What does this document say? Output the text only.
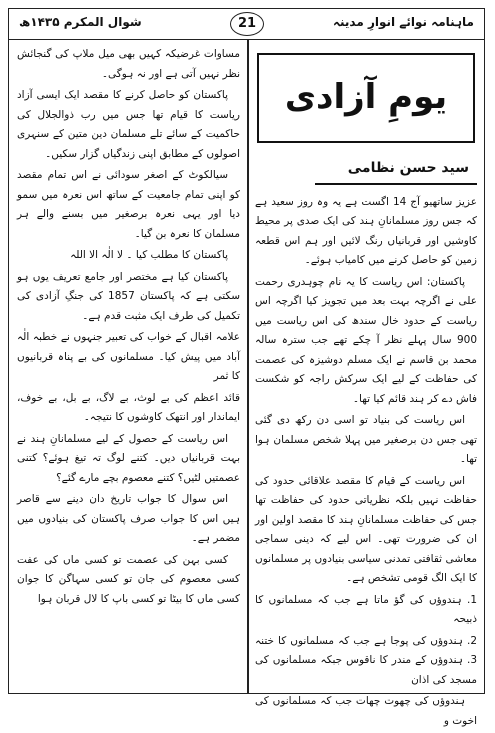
ماہنامہ نوائے انوارِ مدینہ
21
شوال المکرم ۱۴۳۵ھ
یومِ آزادی
سید حسن نظامی

عزیز ساتھیو آج 14 اگست ہے یہ وہ روز سعید ہے کہ جس روز مسلمانانِ ہند کی ایک صدی پر محیط کاوشیں اور قربانیاں رنگ لائیں اور ہم اس قطعہ زمین کو حاصل کرنے میں کامیاب ہوئے۔

پاکستان: اس ریاست کا یہ نام چوہدری رحمت علی نے اگرچہ بہت بعد میں تجویز کیا اگرچہ اس ریاست کے حدود خال سندھ کی اس ریاست میں 900 سال پہلے نظر آ چکے تھے جب سترہ سالہ محمد بن قاسم نے ایک مسلم دوشیزہ کی عصمت کی حفاظت کے لیے ایک سرکش راجہ کو شکست فاش دے کر ہند قائم کیا تھا۔

اس ریاست کی بنیاد تو اسی دن رکھ دی گئی تھی جس دن برصغیر میں پہلا شخص مسلمان ہوا تھا۔

اس ریاست کے قیام کا مقصد علاقائی حدود کی حفاظت نہیں بلکہ نظریاتی حدود کی حفاظت تھا جس کی حفاظت مسلمانانِ ہند کا مقصد اولین اور ان کی ضرورت تھی۔ اس لیے کہ دینی سماجی معاشی ثقافتی تمدنی سیاسی بنیادوں پر مسلمانوں کا ایک الگ قومی تشخص ہے۔

1. ہندوؤں کی گؤ ماتا ہے جب کہ مسلمانوں کا ذبیحہ

2. ہندوؤں کی پوجا ہے جب کہ مسلمانوں کا ختنہ 3. ہندوؤں کے مندر کا ناقوس جبکہ مسلمانوں کی مسجد کی اذان

ہندوؤں کی چھوت چھات جب کہ مسلمانوں کی اخوت و

مساوات غرضیکہ کہیں بھی میل ملاپ کی گنجائش نظر نہیں آتی ہے اور نہ ہوگی۔

پاکستان کو حاصل کرنے کا مقصد ایک ایسی آزاد ریاست کا قیام تھا جس میں رب ذوالجلال کی حاکمیت کے سائے تلے مسلمان دین متین کے سنہری اصولوں کے مطابق اپنی زندگیاں گزار سکیں۔

سیالکوٹ کے اصغر سودائی نے اس تمام مقصد کو اپنی تمام جامعیت کے ساتھ اس نعرہ میں سمو دیا اور یہی نعرہ برصغیر میں بسنے والے ہر مسلمان کا نعرہ بن گیا۔

پاکستان کا مطلب کیا ۔ لا الٰہ الا اللہ

پاکستان کیا ہے مختصر اور جامع تعریف یوں ہو سکتی ہے کہ پاکستان 1857 کی جنگِ آزادی کی تکمیل کی طرف ایک مثبت قدم ہے۔

علامہ اقبال کے خواب کی تعبیر جنہوں نے خطبہ الٰہ آباد میں پیش کیا۔ مسلمانوں کی بے پناہ قربانیوں کا ثمر

قائد اعظم کی بے لوث، بے لاگ، بے بل، بے خوف، ایماندار اور انتھک کاوشوں کا نتیجہ۔

اس ریاست کے حصول کے لیے مسلمانانِ ہند نے بہت قربانیاں دیں۔ کتنے لوگ تہ تیغ ہوئے؟ کتنی عصمتیں لٹیں؟ کتنے معصوم بچے مارے گئے؟

اس سوال کا جواب تاریخ دان دینے سے قاصر ہیں اس کا جواب صرف پاکستان کی بنیادوں میں مضمر ہے۔

کسی بہن کی عصمت تو کسی ماں کی عفت کسی معصوم کی جان تو کسی سہاگن کا جوان کسی ماں کا بیٹا تو کسی باپ کا لال قربان ہوا
